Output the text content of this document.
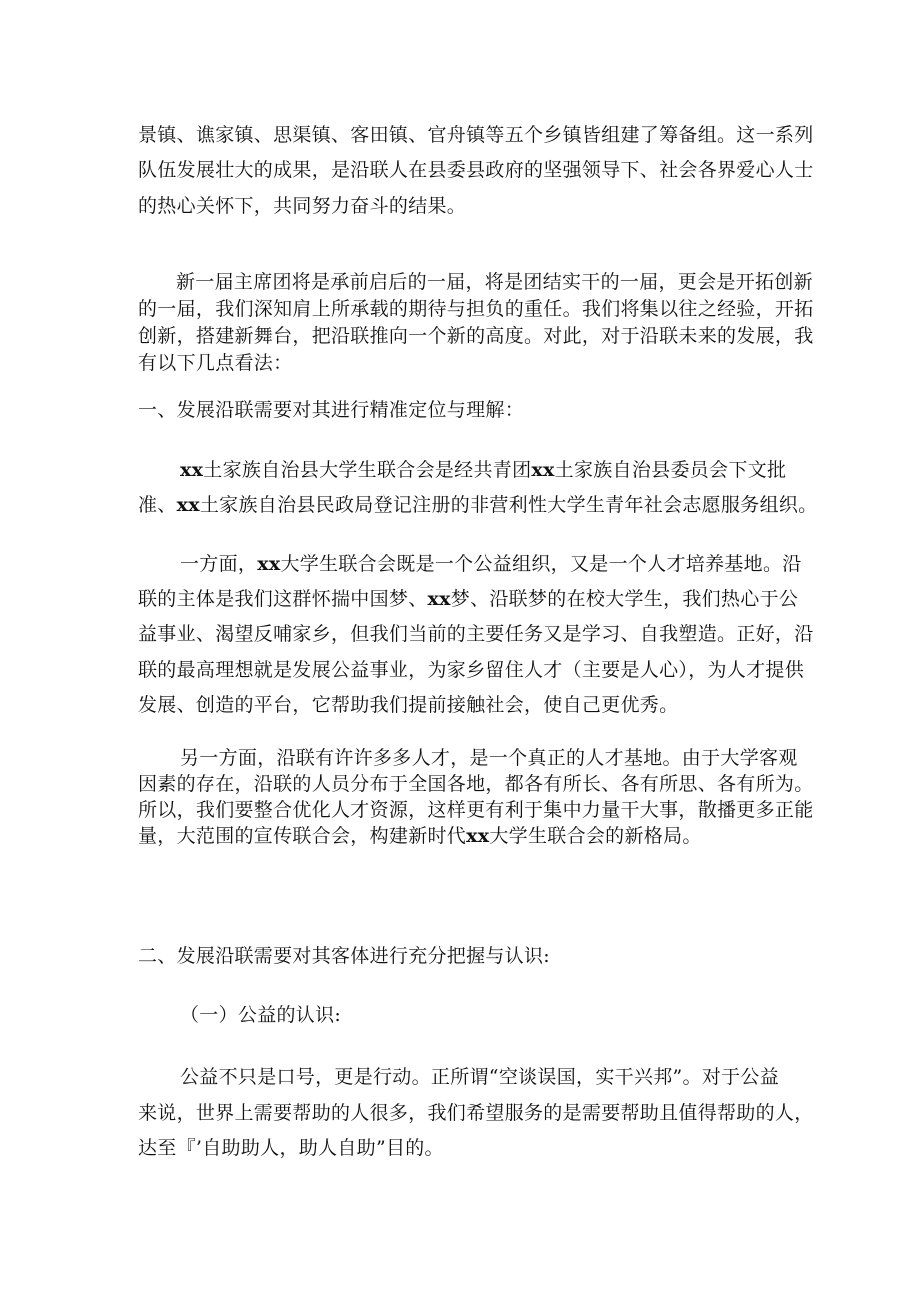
景镇、谯家镇、思渠镇、客田镇、官舟镇等五个乡镇皆组建了筹备组。这一系列
队伍发展壮大的成果，是沿联人在县委县政府的坚强领导下、社会各界爱心人士
的热心关怀下，共同努力奋斗的结果。
新一届主席团将是承前启后的一届，将是团结实干的一届，更会是开拓创新
的一届，我们深知肩上所承载的期待与担负的重任。我们将集以往之经验，开拓
创新，搭建新舞台，把沿联推向一个新的高度。对此，对于沿联未来的发展，我
有以下几点看法：
一、发展沿联需要对其进行精准定位与理解：
xx土家族自治县大学生联合会是经共青团xx土家族自治县委员会下文批
准、xx土家族自治县民政局登记注册的非营利性大学生青年社会志愿服务组织。
一方面，xx大学生联合会既是一个公益组织，又是一个人才培养基地。沿
联的主体是我们这群怀揣中国梦、xx梦、沿联梦的在校大学生，我们热心于公
益事业、渴望反哺家乡，但我们当前的主要任务又是学习、自我塑造。正好，沿
联的最高理想就是发展公益事业，为家乡留住人才（主要是人心），为人才提供
发展、创造的平台，它帮助我们提前接触社会，使自己更优秀。
另一方面，沿联有许许多多人才，是一个真正的人才基地。由于大学客观
因素的存在，沿联的人员分布于全国各地，都各有所长、各有所思、各有所为。
所以，我们要整合优化人才资源，这样更有利于集中力量干大事，散播更多正能
量，大范围的宣传联合会，构建新时代xx大学生联合会的新格局。
二、发展沿联需要对其客体进行充分把握与认识:
（一）公益的认识:
公益不只是口号，更是行动。正所谓“空谈误国，实干兴邦”。对于公益
来说，世界上需要帮助的人很多，我们希望服务的是需要帮助且值得帮助的人，
达至『’自助助人，助人自助”目的。
